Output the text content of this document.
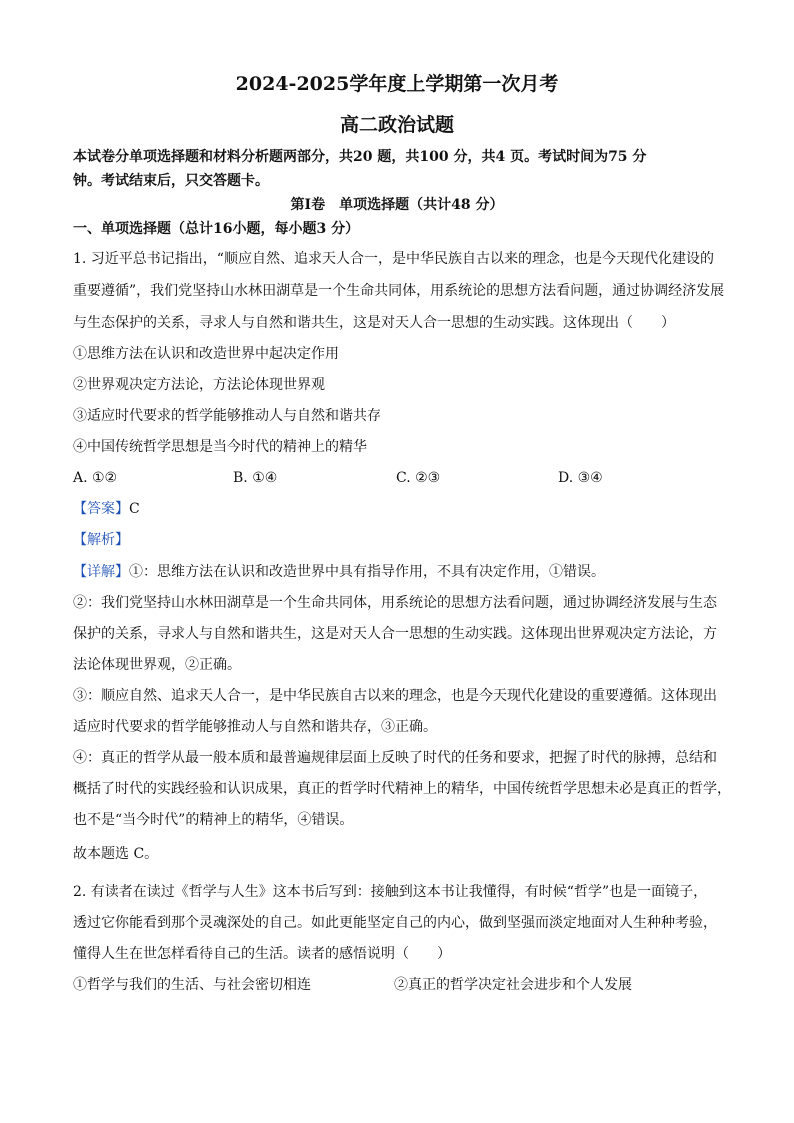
2024-2025学年度上学期第一次月考
高二政治试题
本试卷分单项选择题和材料分析题两部分，共20 题，共100 分，共4 页。考试时间为75 分
钟。考试结束后，只交答题卡。
第Ⅰ卷　单项选择题（共计48 分）
一、单项选择题（总计16小题，每小题3 分）
1. 习近平总书记指出，“顺应自然、追求天人合一，是中华民族自古以来的理念，也是今天现代化建设的
重要遵循”，我们党坚持山水林田湖草是一个生命共同体，用系统论的思想方法看问题，通过协调经济发展
与生态保护的关系，寻求人与自然和谐共生，这是对天人合一思想的生动实践。这体现出（　　）
①思维方法在认识和改造世界中起决定作用
②世界观决定方法论，方法论体现世界观
③适应时代要求的哲学能够推动人与自然和谐共存
④中国传统哲学思想是当今时代的精神上的精华
A. ①②	B. ①④	C. ②③	D. ③④
【答案】C
【解析】
【详解】①：思维方法在认识和改造世界中具有指导作用，不具有决定作用，①错误。
②：我们党坚持山水林田湖草是一个生命共同体，用系统论的思想方法看问题，通过协调经济发展与生态
保护的关系，寻求人与自然和谐共生，这是对天人合一思想的生动实践。这体现出世界观决定方法论，方
法论体现世界观，②正确。
③：顺应自然、追求天人合一，是中华民族自古以来的理念，也是今天现代化建设的重要遵循。这体现出
适应时代要求的哲学能够推动人与自然和谐共存，③正确。
④：真正的哲学从最一般本质和最普遍规律层面上反映了时代的任务和要求，把握了时代的脉搏，总结和
概括了时代的实践经验和认识成果，真正的哲学时代精神上的精华，中国传统哲学思想未必是真正的哲学，
也不是“当今时代”的精神上的精华，④错误。
故本题选 C。
2. 有读者在读过《哲学与人生》这本书后写到：接触到这本书让我懂得，有时候“哲学”也是一面镜子，
透过它你能看到那个灵魂深处的自己。如此更能坚定自己的内心，做到坚强而淡定地面对人生种种考验，
懂得人生在世怎样看待自己的生活。读者的感悟说明（　　）
①哲学与我们的生活、与社会密切相连	②真正的哲学决定社会进步和个人发展
